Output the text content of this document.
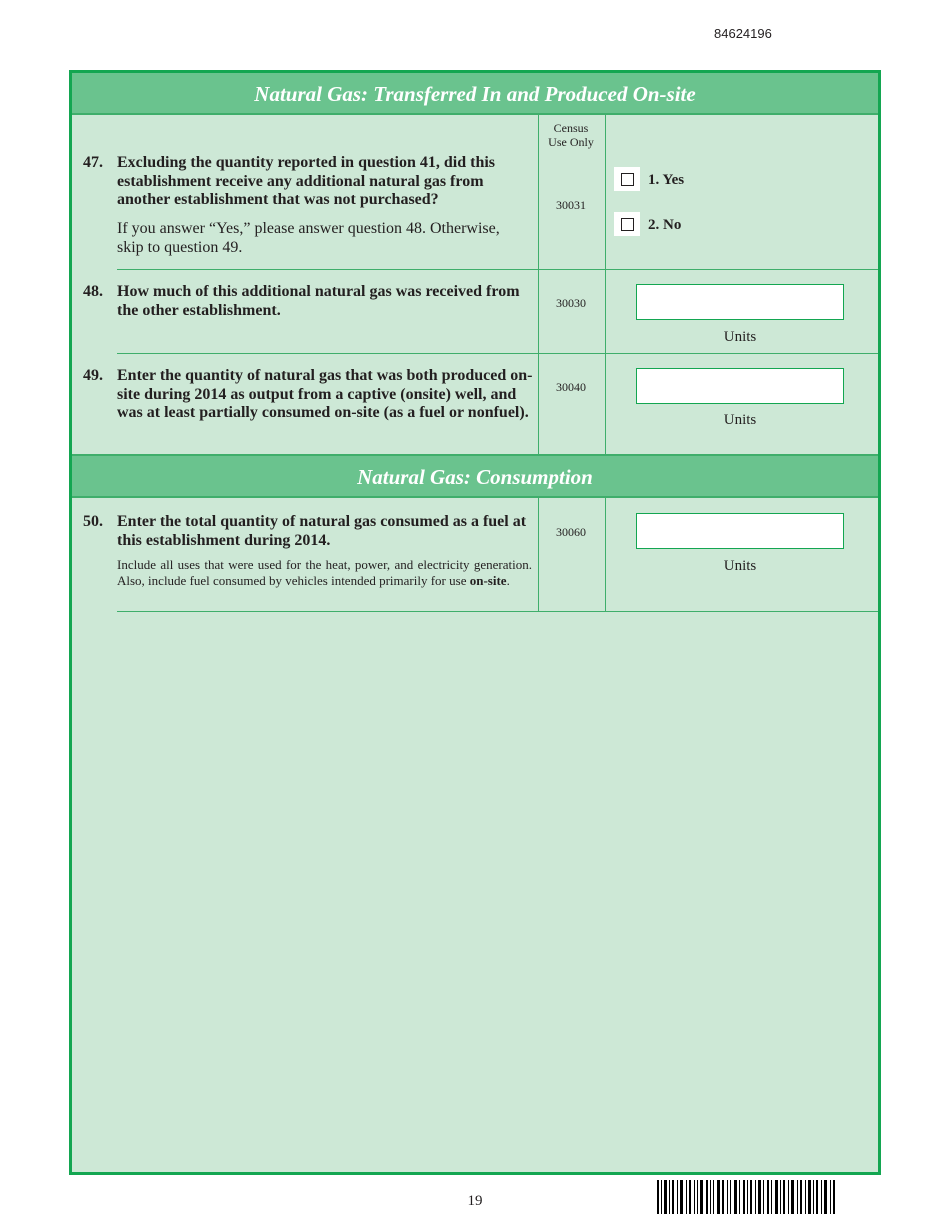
84624196
Natural Gas: Transferred In and Produced On-site
Census
Use Only
47. Excluding the quantity reported in question 41, did this establishment receive any additional natural gas from another establishment that was not purchased?
If you answer “Yes,” please answer question 48. Otherwise, skip to question 49.
30031
1. Yes
2. No
48. How much of this additional natural gas was received from the other establishment.	30030
Units
49. Enter the quantity of natural gas that was both produced on-site during 2014 as output from a captive (onsite) well, and was at least partially consumed on-site (as a fuel or nonfuel).
30040
Units
Natural Gas: Consumption
50. Enter the total quantity of natural gas consumed as a fuel at this establishment during 2014.
Include all uses that were used for the heat, power, and electricity generation. Also, include fuel consumed by vehicles intended primarily for use on-site.
30060
Units
19
